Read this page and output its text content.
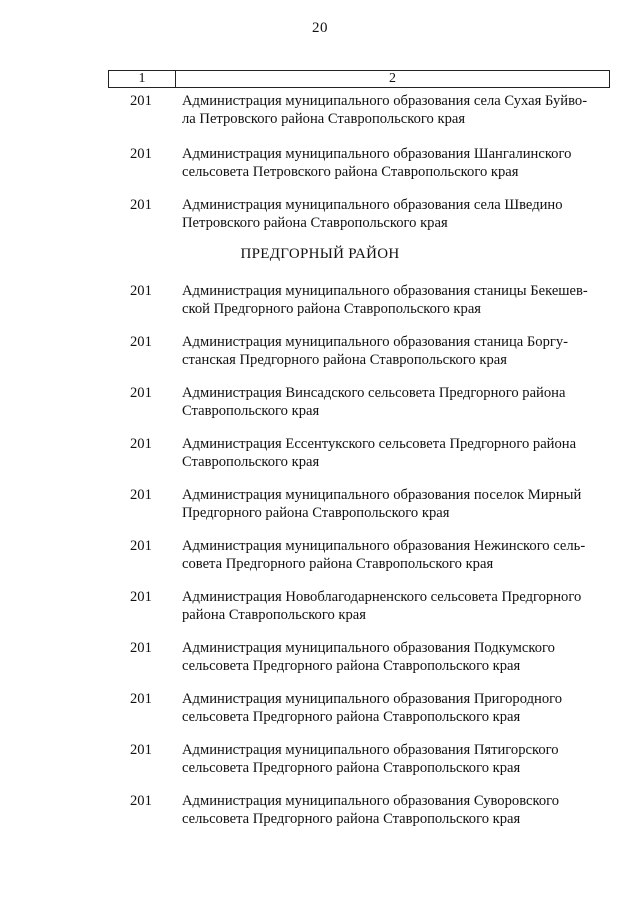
20
1	2
201	Администрация муниципального образования села Сухая Буйво-
ла Петровского района Ставропольского края
201	Администрация муниципального образования Шангалинского
сельсовета Петровского района Ставропольского края
201	Администрация муниципального образования села Шведино
Петровского района Ставропольского края
ПРЕДГОРНЫЙ РАЙОН
201	Администрация муниципального образования станицы Бекешев-
ской Предгорного района Ставропольского края
201	Администрация муниципального образования станица Боргу-
станская Предгорного района Ставропольского края
201	Администрация Винсадского сельсовета Предгорного района
Ставропольского края
201	Администрация Ессентукского сельсовета Предгорного района
Ставропольского края
201	Администрация муниципального образования поселок Мирный
Предгорного района Ставропольского края
201	Администрация муниципального образования Нежинского сель-
совета Предгорного района Ставропольского края
201	Администрация Новоблагодарненского сельсовета Предгорного
района Ставропольского края
201	Администрация муниципального образования Подкумского
сельсовета Предгорного района Ставропольского края
201	Администрация муниципального образования Пригородного
сельсовета Предгорного района Ставропольского края
201	Администрация муниципального образования Пятигорского
сельсовета Предгорного района Ставропольского края
201	Администрация муниципального образования Суворовского
сельсовета Предгорного района Ставропольского края
